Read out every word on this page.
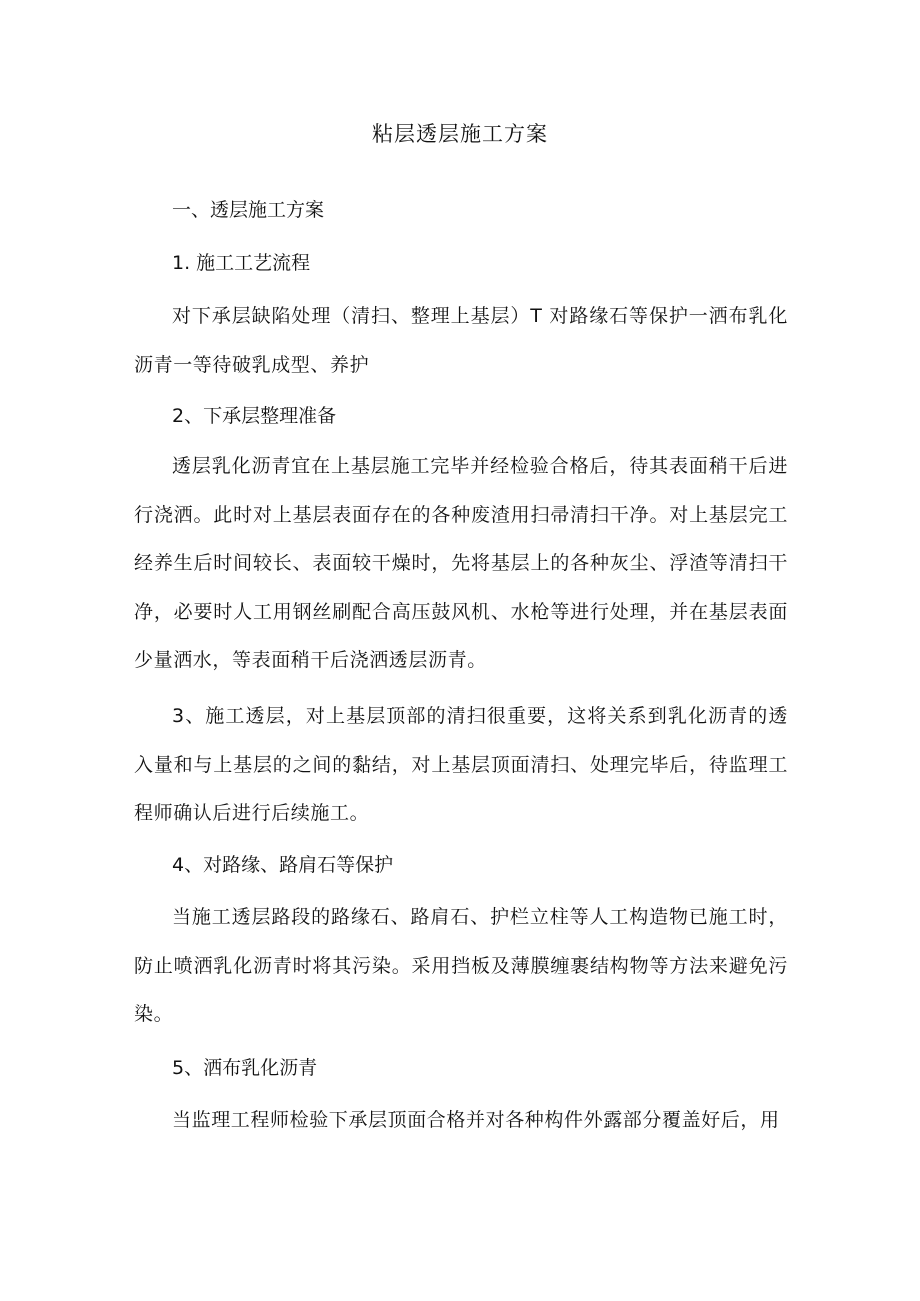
粘层透层施工方案
一、透层施工方案
1. 施工工艺流程
对下承层缺陷处理（清扫、整理上基层）T 对路缘石等保护一洒布乳化沥青一等待破乳成型、养护
2、下承层整理准备
透层乳化沥青宜在上基层施工完毕并经检验合格后，待其表面稍干后进行浇洒。此时对上基层表面存在的各种废渣用扫帚清扫干净。对上基层完工经养生后时间较长、表面较干燥时，先将基层上的各种灰尘、浮渣等清扫干净，必要时人工用钢丝刷配合高压鼓风机、水枪等进行处理，并在基层表面少量洒水，等表面稍干后浇洒透层沥青。
3、施工透层，对上基层顶部的清扫很重要，这将关系到乳化沥青的透入量和与上基层的之间的黏结，对上基层顶面清扫、处理完毕后，待监理工程师确认后进行后续施工。
4、对路缘、路肩石等保护
当施工透层路段的路缘石、路肩石、护栏立柱等人工构造物已施工时，防止喷洒乳化沥青时将其污染。采用挡板及薄膜缠裹结构物等方法来避免污染。
5、洒布乳化沥青
当监理工程师检验下承层顶面合格并对各种构件外露部分覆盖好后，用
